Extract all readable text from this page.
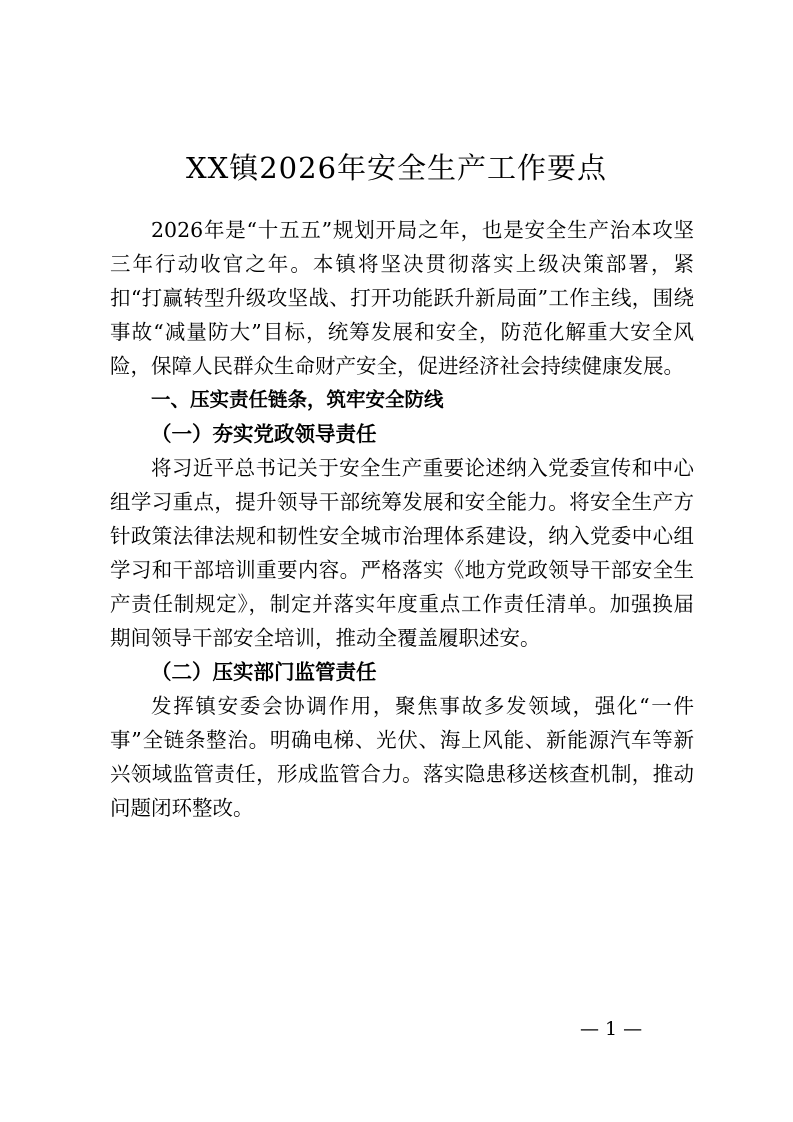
XX镇2026年安全生产工作要点

2026年是“十五五”规划开局之年，也是安全生产治本攻坚三年行动收官之年。本镇将坚决贯彻落实上级决策部署，紧扣“打赢转型升级攻坚战、打开功能跃升新局面”工作主线，围绕事故“减量防大”目标，统筹发展和安全，防范化解重大安全风险，保障人民群众生命财产安全，促进经济社会持续健康发展。

一、压实责任链条，筑牢安全防线

（一）夯实党政领导责任

将习近平总书记关于安全生产重要论述纳入党委宣传和中心组学习重点，提升领导干部统筹发展和安全能力。将安全生产方针政策法律法规和韧性安全城市治理体系建设，纳入党委中心组学习和干部培训重要内容。严格落实《地方党政领导干部安全生产责任制规定》，制定并落实年度重点工作责任清单。加强换届期间领导干部安全培训，推动全覆盖履职述安。

（二）压实部门监管责任

发挥镇安委会协调作用，聚焦事故多发领域，强化“一件事”全链条整治。明确电梯、光伏、海上风能、新能源汽车等新兴领域监管责任，形成监管合力。落实隐患移送核查机制，推动问题闭环整改。

— 1 —
